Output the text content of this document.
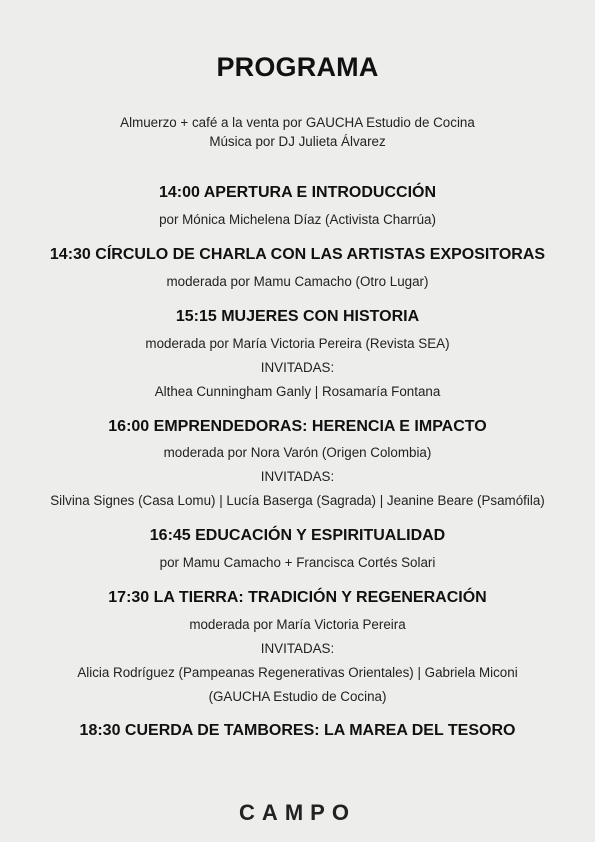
PROGRAMA
Almuerzo + café a la venta por GAUCHA Estudio de Cocina
Música por DJ Julieta Álvarez
14:00 APERTURA E INTRODUCCIÓN
por Mónica Michelena Díaz (Activista Charrúa)
14:30 CÍRCULO DE CHARLA CON LAS ARTISTAS EXPOSITORAS
moderada por Mamu Camacho (Otro Lugar)
15:15 MUJERES CON HISTORIA
moderada por María Victoria Pereira (Revista SEA)
INVITADAS:
Althea Cunningham Ganly | Rosamaría Fontana
16:00 EMPRENDEDORAS: HERENCIA E IMPACTO
moderada por Nora Varón (Origen Colombia)
INVITADAS:
Silvina Signes (Casa Lomu) | Lucía Baserga (Sagrada) | Jeanine Beare (Psamófila)
16:45 EDUCACIÓN Y ESPIRITUALIDAD
por Mamu Camacho + Francisca Cortés Solari
17:30 LA TIERRA: TRADICIÓN Y REGENERACIÓN
moderada por María Victoria Pereira
INVITADAS:
Alicia Rodríguez (Pampeanas Regenerativas Orientales) | Gabriela Miconi
(GAUCHA Estudio de Cocina)
18:30 CUERDA DE TAMBORES: LA MAREA DEL TESORO
CAMPO
